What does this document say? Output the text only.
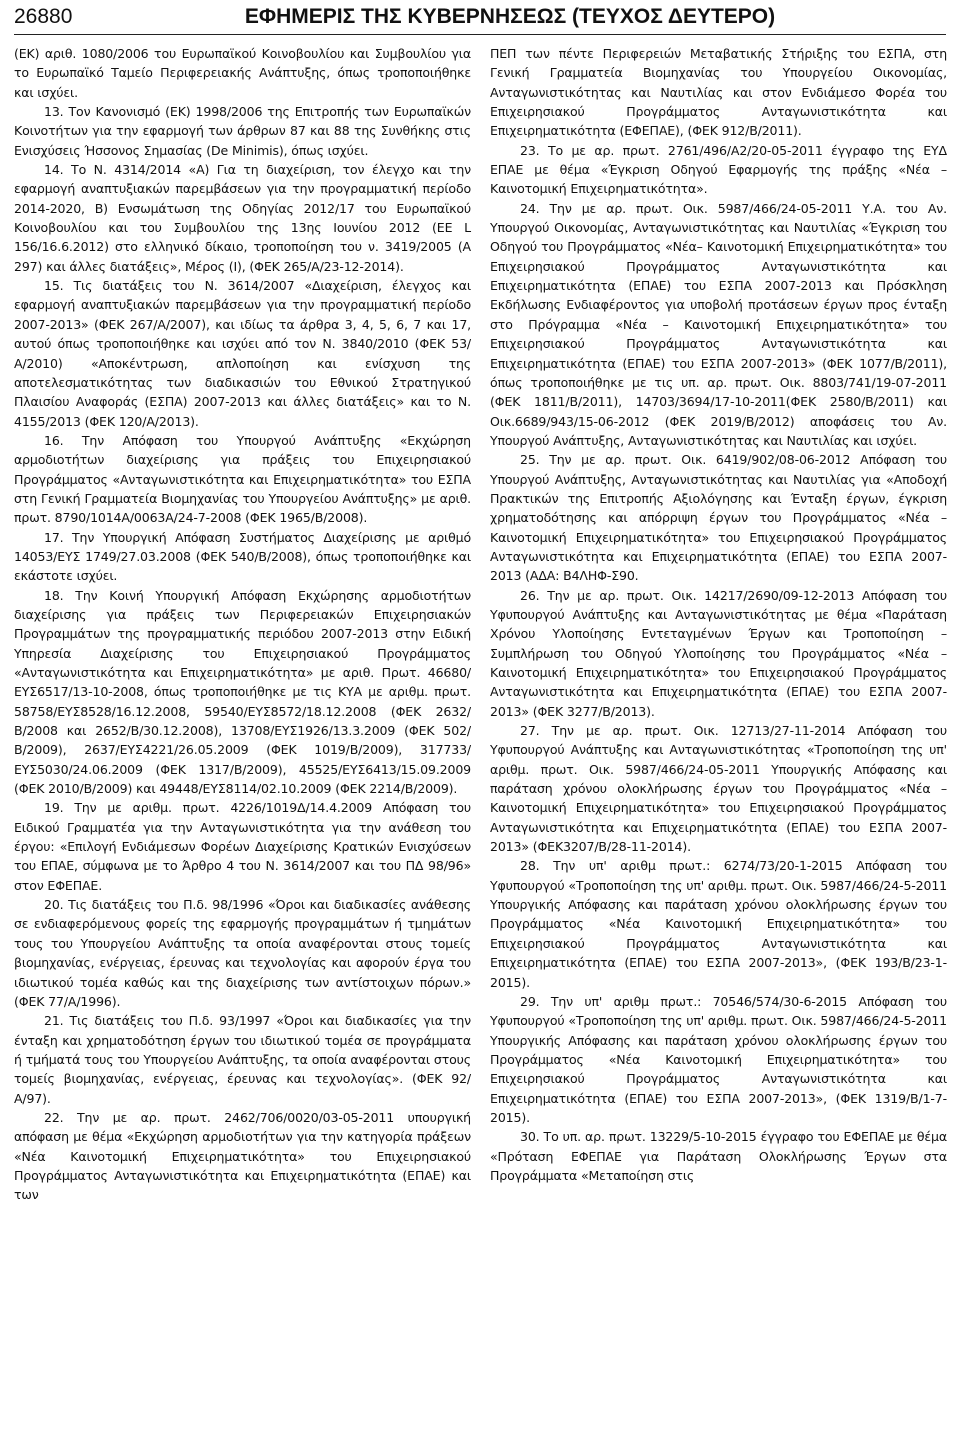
26880	ΕΦΗΜΕΡΙΣ ΤΗΣ ΚΥΒΕΡΝΗΣΕΩΣ (ΤΕΥΧΟΣ ΔΕΥΤΕΡΟ)

(ΕΚ) αριθ. 1080/2006 του Ευρωπαϊκού Κοινοβουλίου και Συμβουλίου για το Ευρωπαϊκό Ταμείο Περιφερειακής Ανάπτυξης, όπως τροποποιήθηκε και ισχύει.

13. Τον Κανονισμό (ΕΚ) 1998/2006 της Επιτροπής των Ευρωπαϊκών Κοινοτήτων για την εφαρμογή των άρθρων 87 και 88 της Συνθήκης στις Ενισχύσεις Ήσσονος Σημασίας (De Minimis), όπως ισχύει.

14. Το Ν. 4314/2014 «Α) Για τη διαχείριση, τον έλεγχο και την εφαρμογή αναπτυξιακών παρεμβάσεων για την προγραμματική περίοδο 2014-2020, Β) Ενσωμάτωση της Οδηγίας 2012/17 του Ευρωπαϊκού Κοινοβουλίου και του Συμβουλίου της 13ης Ιουνίου 2012 (ΕΕ L 156/16.6.2012) στο ελληνικό δίκαιο, τροποποίηση του ν. 3419/2005 (Α 297) και άλλες διατάξεις», Μέρος (Ι), (ΦΕΚ 265/Α/23-12-2014).

15. Τις διατάξεις του Ν. 3614/2007 «Διαχείριση, έλεγχος και εφαρμογή αναπτυξιακών παρεμβάσεων για την προγραμματική περίοδο 2007-2013» (ΦΕΚ 267/Α/2007), και ιδίως τα άρθρα 3, 4, 5, 6, 7 και 17, αυτού όπως τροποποιήθηκε και ισχύει από τον Ν. 3840/2010 (ΦΕΚ 53/Α/2010) «Αποκέντρωση, απλοποίηση και ενίσχυση της αποτελεσματικότητας των διαδικασιών του Εθνικού Στρατηγικού Πλαισίου Αναφοράς (ΕΣΠΑ) 2007-2013 και άλλες διατάξεις» και το Ν. 4155/2013 (ΦΕΚ 120/Α/2013).

16. Την Απόφαση του Υπουργού Ανάπτυξης «Εκχώρηση αρμοδιοτήτων διαχείρισης για πράξεις του Επιχειρησιακού Προγράμματος «Ανταγωνιστικότητα και Επιχειρηματικότητα» του ΕΣΠΑ στη Γενική Γραμματεία Βιομηχανίας του Υπουργείου Ανάπτυξης» με αριθ. πρωτ. 8790/1014Α/0063Α/24-7-2008 (ΦΕΚ 1965/Β/2008).

17. Την Υπουργική Απόφαση Συστήματος Διαχείρισης με αριθμό 14053/ΕΥΣ 1749/27.03.2008 (ΦΕΚ 540/Β/2008), όπως τροποποιήθηκε και εκάστοτε ισχύει.

18. Την Κοινή Υπουργική Απόφαση Εκχώρησης αρμοδιοτήτων διαχείρισης για πράξεις των Περιφερειακών Επιχειρησιακών Προγραμμάτων της προγραμματικής περιόδου 2007-2013 στην Ειδική Υπηρεσία Διαχείρισης του Επιχειρησιακού Προγράμματος «Ανταγωνιστικότητα και Επιχειρηματικότητα» με αριθ. Πρωτ. 46680/ΕΥΣ6517/13-10-2008, όπως τροποποιήθηκε με τις ΚΥΑ με αριθμ. πρωτ. 58758/ΕΥΣ8528/16.12.2008, 59540/ΕΥΣ8572/18.12.2008 (ΦΕΚ 2632/Β/2008 και 2652/Β/30.12.2008), 13708/ΕΥΣ1926/13.3.2009 (ΦΕΚ 502/Β/2009), 2637/ΕΥΣ4221/26.05.2009 (ΦΕΚ 1019/Β/2009), 317733/ΕΥΣ5030/24.06.2009 (ΦΕΚ 1317/Β/2009), 45525/ΕΥΣ6413/15.09.2009 (ΦΕΚ 2010/Β/2009) και 49448/ΕΥΣ8114/02.10.2009 (ΦΕΚ 2214/Β/2009).

19. Την με αριθμ. πρωτ. 4226/1019Δ/14.4.2009 Απόφαση του Ειδικού Γραμματέα για την Ανταγωνιστικότητα για την ανάθεση του έργου: «Επιλογή Ενδιάμεσων Φορέων Διαχείρισης Κρατικών Ενισχύσεων του ΕΠΑΕ, σύμφωνα με το Άρθρο 4 του Ν. 3614/2007 και του ΠΔ 98/96» στον ΕΦΕΠΑΕ.

20. Τις διατάξεις του Π.δ. 98/1996 «Όροι και διαδικασίες ανάθεσης σε ενδιαφερόμενους φορείς της εφαρμογής προγραμμάτων ή τμημάτων τους του Υπουργείου Ανάπτυξης τα οποία αναφέρονται στους τομείς βιομηχανίας, ενέργειας, έρευνας και τεχνολογίας και αφορούν έργα του ιδιωτικού τομέα καθώς και της διαχείρισης των αντίστοιχων πόρων.» (ΦΕΚ 77/Α/1996).

21. Τις διατάξεις του Π.δ. 93/1997 «Όροι και διαδικασίες για την ένταξη και χρηματοδότηση έργων του ιδιωτικού τομέα σε προγράμματα ή τμήματά τους του Υπουργείου Ανάπτυξης, τα οποία αναφέρονται στους τομείς βιομηχανίας, ενέργειας, έρευνας και τεχνολογίας». (ΦΕΚ 92/Α/97).

22. Την με αρ. πρωτ. 2462/706/0020/03-05-2011 υπουργική απόφαση με θέμα «Εκχώρηση αρμοδιοτήτων για την κατηγορία πράξεων «Νέα Καινοτομική Επιχειρηματικότητα» του Επιχειρησιακού Προγράμματος Ανταγωνιστικότητα και Επιχειρηματικότητα (ΕΠΑΕ) και των

ΠΕΠ των πέντε Περιφερειών Μεταβατικής Στήριξης του ΕΣΠΑ, στη Γενική Γραμματεία Βιομηχανίας του Υπουργείου Οικονομίας, Ανταγωνιστικότητας και Ναυτιλίας και στον Ενδιάμεσο Φορέα του Επιχειρησιακού Προγράμματος Ανταγωνιστικότητα και Επιχειρηματικότητα (ΕΦΕΠΑΕ), (ΦΕΚ 912/Β/2011).

23. Το με αρ. πρωτ. 2761/496/Α2/20-05-2011 έγγραφο της ΕΥΔ ΕΠΑΕ με θέμα «Έγκριση Οδηγού Εφαρμογής της πράξης «Νέα – Καινοτομική Επιχειρηματικότητα».

24. Την με αρ. πρωτ. Οικ. 5987/466/24-05-2011 Υ.Α. του Αν. Υπουργού Οικονομίας, Ανταγωνιστικότητας και Ναυτιλίας «Έγκριση του Οδηγού του Προγράμματος «Νέα– Καινοτομική Επιχειρηματικότητα» του Επιχειρησιακού Προγράμματος Ανταγωνιστικότητα και Επιχειρηματικότητα (ΕΠΑΕ) του ΕΣΠΑ 2007-2013 και Πρόσκληση Εκδήλωσης Ενδιαφέροντος για υποβολή προτάσεων έργων προς ένταξη στο Πρόγραμμα «Νέα – Καινοτομική Επιχειρηματικότητα» του Επιχειρησιακού Προγράμματος Ανταγωνιστικότητα και Επιχειρηματικότητα (ΕΠΑΕ) του ΕΣΠΑ 2007-2013» (ΦΕΚ 1077/Β/2011), όπως τροποποιήθηκε με τις υπ. αρ. πρωτ. Οικ. 8803/741/19-07-2011 (ΦΕΚ 1811/Β/2011), 14703/3694/17-10-2011(ΦΕΚ 2580/Β/2011) και Οικ.6689/943/15-06-2012 (ΦΕΚ 2019/Β/2012) αποφάσεις του Αν. Υπουργού Ανάπτυξης, Ανταγωνιστικότητας και Ναυτιλίας και ισχύει.

25. Την με αρ. πρωτ. Οικ. 6419/902/08-06-2012 Απόφαση του Υπουργού Ανάπτυξης, Ανταγωνιστικότητας και Ναυτιλίας για «Αποδοχή Πρακτικών της Επιτροπής Αξιολόγησης και Ένταξη έργων, έγκριση χρηματοδότησης και απόρριψη έργων του Προγράμματος «Νέα – Καινοτομική Επιχειρηματικότητα» του Επιχειρησιακού Προγράμματος Ανταγωνιστικότητα και Επιχειρηματικότητα (ΕΠΑΕ) του ΕΣΠΑ 2007-2013 (ΑΔΑ: Β4ΛΗΦ-Σ90.

26. Την με αρ. πρωτ. Οικ. 14217/2690/09-12-2013 Απόφαση του Υφυπουργού Ανάπτυξης και Ανταγωνιστικότητας με θέμα «Παράταση Χρόνου Υλοποίησης Εντεταγμένων Έργων και Τροποποίηση – Συμπλήρωση του Οδηγού Υλοποίησης του Προγράμματος «Νέα – Καινοτομική Επιχειρηματικότητα» του Επιχειρησιακού Προγράμματος Ανταγωνιστικότητα και Επιχειρηματικότητα (ΕΠΑΕ) του ΕΣΠΑ 2007-2013» (ΦΕΚ 3277/Β/2013).

27. Την με αρ. πρωτ. Οικ. 12713/27-11-2014 Απόφαση του Υφυπουργού Ανάπτυξης και Ανταγωνιστικότητας «Τροποποίηση της υπ' αριθμ. πρωτ. Οικ. 5987/466/24-05-2011 Υπουργικής Απόφασης και παράταση χρόνου ολοκλήρωσης έργων του Προγράμματος «Νέα – Καινοτομική Επιχειρηματικότητα» του Επιχειρησιακού Προγράμματος Ανταγωνιστικότητα και Επιχειρηματικότητα (ΕΠΑΕ) του ΕΣΠΑ 2007-2013» (ΦΕΚ3207/Β/28-11-2014).

28. Την υπ' αριθμ πρωτ.: 6274/73/20-1-2015 Απόφαση του Υφυπουργού «Τροποποίηση της υπ' αριθμ. πρωτ. Οικ. 5987/466/24-5-2011 Υπουργικής Απόφασης και παράταση χρόνου ολοκλήρωσης έργων του Προγράμματος «Νέα Καινοτομική Επιχειρηματικότητα» του Επιχειρησιακού Προγράμματος Ανταγωνιστικότητα και Επιχειρηματικότητα (ΕΠΑΕ) του ΕΣΠΑ 2007-2013», (ΦΕΚ 193/Β/23-1-2015).

29. Την υπ' αριθμ πρωτ.: 70546/574/30-6-2015 Απόφαση του Υφυπουργού «Τροποποίηση της υπ' αριθμ. πρωτ. Οικ. 5987/466/24-5-2011 Υπουργικής Απόφασης και παράταση χρόνου ολοκλήρωσης έργων του Προγράμματος «Νέα Καινοτομική Επιχειρηματικότητα» του Επιχειρησιακού Προγράμματος Ανταγωνιστικότητα και Επιχειρηματικότητα (ΕΠΑΕ) του ΕΣΠΑ 2007-2013», (ΦΕΚ 1319/Β/1-7-2015).

30. Το υπ. αρ. πρωτ. 13229/5-10-2015 έγγραφο του ΕΦΕΠΑΕ με θέμα «Πρόταση ΕΦΕΠΑΕ για Παράταση Ολοκλήρωσης Έργων στα Προγράμματα «Μεταπoίηση στις
